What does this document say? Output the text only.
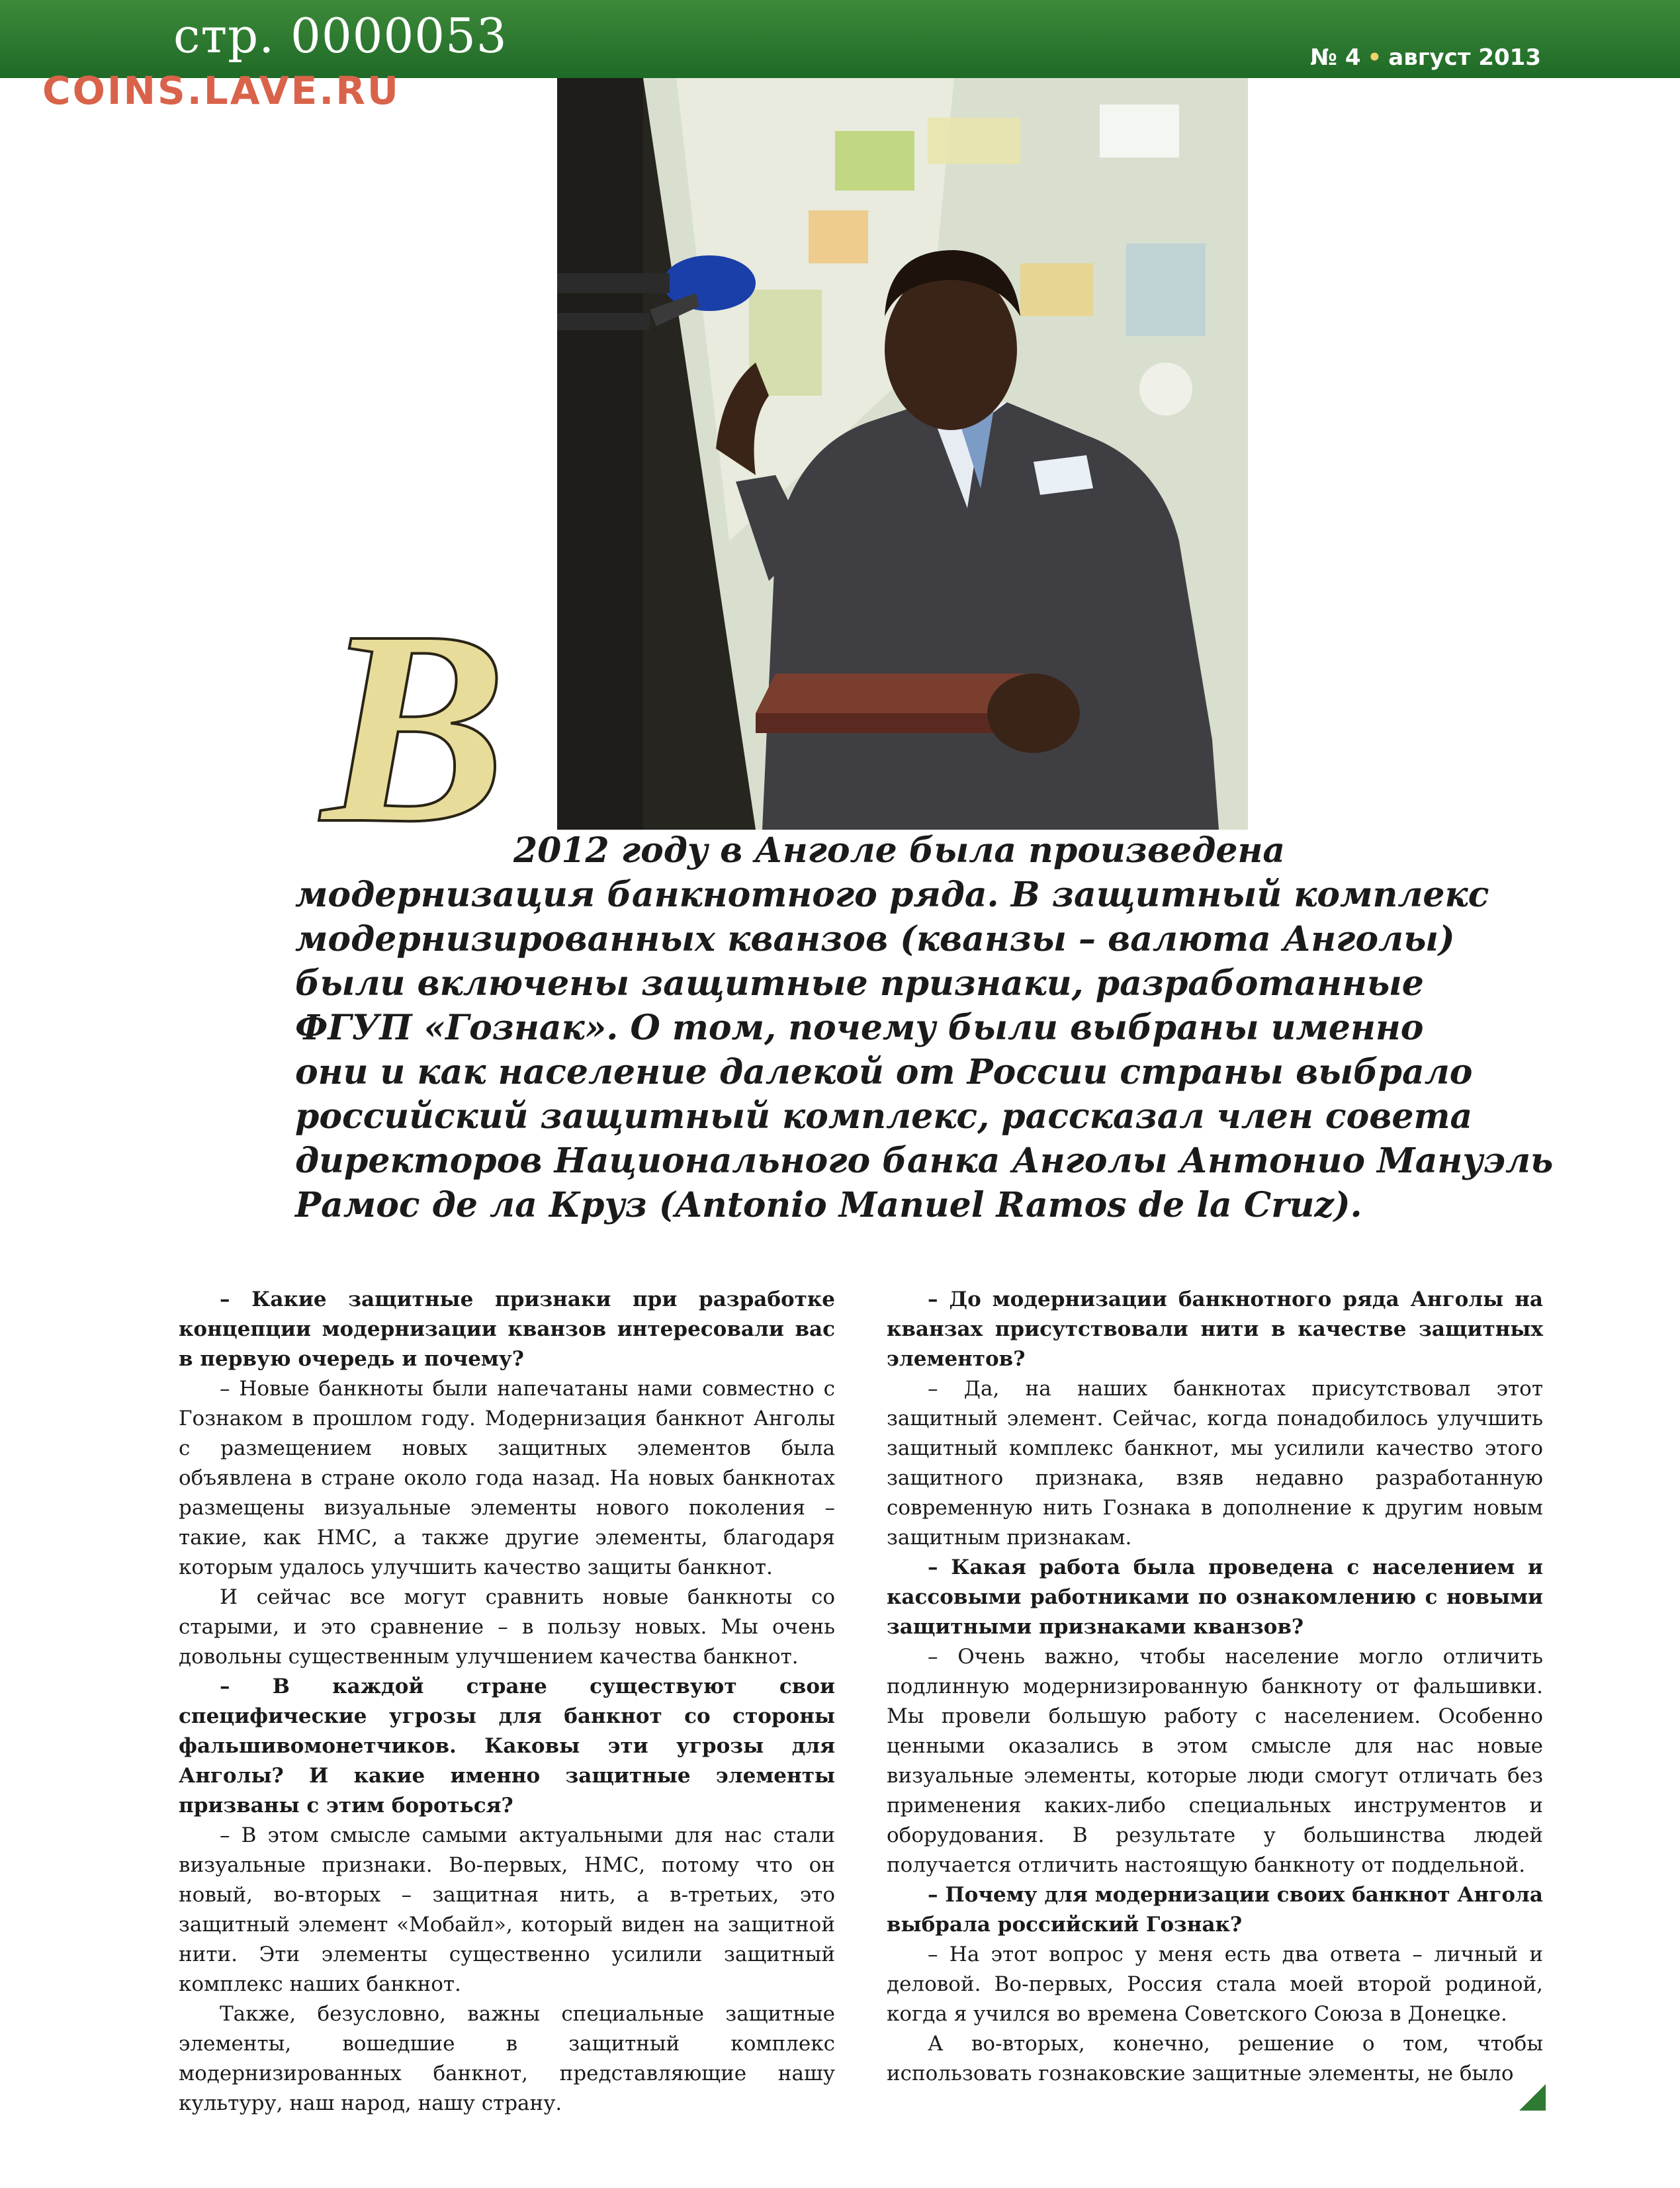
стр. 0000053
COINS.LAVE.RU
№ 4 • август 2013
В 2012 году в Анголе была произведена
модернизация банкнотного ряда. В защитный комплекс
модернизированных кванзов (кванзы – валюта Анголы)
были включены защитные признаки, разработанные
ФГУП «Гознак». О том, почему были выбраны именно
они и как население далекой от России страны выбрало
российский защитный комплекс, рассказал член совета
директоров Национального банка Анголы Антонио Мануэль
Рамос де ла Круз (Antonio Manuel Ramos de la Cruz).

– Какие защитные признаки при разработке концепции модернизации кванзов интересовали вас в первую очередь и почему?

– Новые банкноты были напечатаны нами совместно с Гознаком в прошлом году. Модернизация банкнот Анголы с размещением новых защитных элементов была объявлена в стране около года назад. На новых банкнотах размещены визуальные элементы нового поколения – такие, как НМС, а также другие элементы, благодаря которым удалось улучшить качество защиты банкнот.

И сейчас все могут сравнить новые банкноты со старыми, и это сравнение – в пользу новых. Мы очень довольны существенным улучшением качества банкнот.

– В каждой стране существуют свои специфические угрозы для банкнот со стороны фальшивомонетчиков. Каковы эти угрозы для Анголы? И какие именно защитные элементы призваны с этим бороться?

– В этом смысле самыми актуальными для нас стали визуальные признаки. Во-первых, НМС, потому что он новый, во-вторых – защитная нить, а в-третьих, это защитный элемент «Мобайл», который виден на защитной нити. Эти элементы существенно усилили защитный комплекс наших банкнот.

Также, безусловно, важны специальные защитные элементы, вошедшие в защитный комплекс модернизированных банкнот, представляющие нашу культуру, наш народ, нашу страну.

– До модернизации банкнотного ряда Анголы на кванзах присутствовали нити в качестве защитных элементов?

– Да, на наших банкнотах присутствовал этот защитный элемент. Сейчас, когда понадобилось улучшить защитный комплекс банкнот, мы усилили качество этого защитного признака, взяв недавно разработанную современную нить Гознака в дополнение к другим новым защитным признакам.

– Какая работа была проведена с населением и кассовыми работниками по ознакомлению с новыми защитными признаками кванзов?

– Очень важно, чтобы население могло отличить подлинную модернизированную банкноту от фальшивки. Мы провели большую работу с населением. Особенно ценными оказались в этом смысле для нас новые визуальные элементы, которые люди смогут отличать без применения каких-либо специальных инструментов и оборудования. В результате у большинства людей получается отличить настоящую банкноту от поддельной.

– Почему для модернизации своих банкнот Ангола выбрала российский Гознак?

– На этот вопрос у меня есть два ответа – личный и деловой. Во-первых, Россия стала моей второй родиной, когда я учился во времена Советского Союза в Донецке.

А во-вторых, конечно, решение о том, чтобы использовать гознаковские защитные элементы, не было
